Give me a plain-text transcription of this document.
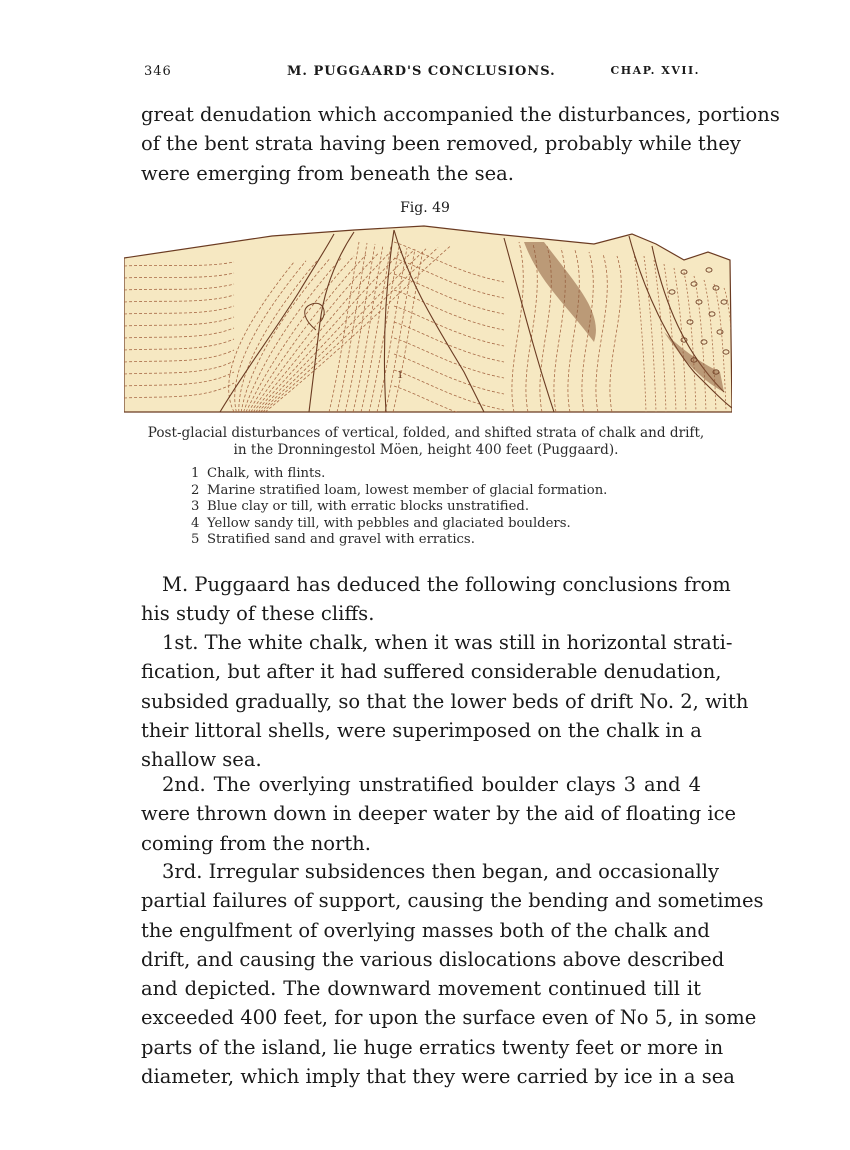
346	M. PUGGAARD'S CONCLUSIONS.	CHAP. XVII.
great denudation which accompanied the disturbances, portions
of the bent strata having been removed, probably while they
were emerging from beneath the sea.
Fig. 49
1
Post-glacial disturbances of vertical, folded, and shifted strata of chalk and drift,
in the Dronningestol Möen, height 400 feet (Puggaard).
1 Chalk, with flints.
2 Marine stratified loam, lowest member of glacial formation.
3 Blue clay or till, with erratic blocks unstratified.
4 Yellow sandy till, with pebbles and glaciated boulders.
5 Stratified sand and gravel with erratics.
M. Puggaard has deduced the following conclusions from
his study of these cliffs.
1st. The white chalk, when it was still in horizontal strati-
fication, but after it had suffered considerable denudation,
subsided gradually, so that the lower beds of drift No. 2, with
their littoral shells, were superimposed on the chalk in a
shallow sea.
2nd. The overlying unstratified boulder clays 3 and 4
were thrown down in deeper water by the aid of floating ice
coming from the north.
3rd. Irregular subsidences then began, and occasionally
partial failures of support, causing the bending and sometimes
the engulfment of overlying masses both of the chalk and
drift, and causing the various dislocations above described
and depicted. The downward movement continued till it
exceeded 400 feet, for upon the surface even of No 5, in some
parts of the island, lie huge erratics twenty feet or more in
diameter, which imply that they were carried by ice in a sea
